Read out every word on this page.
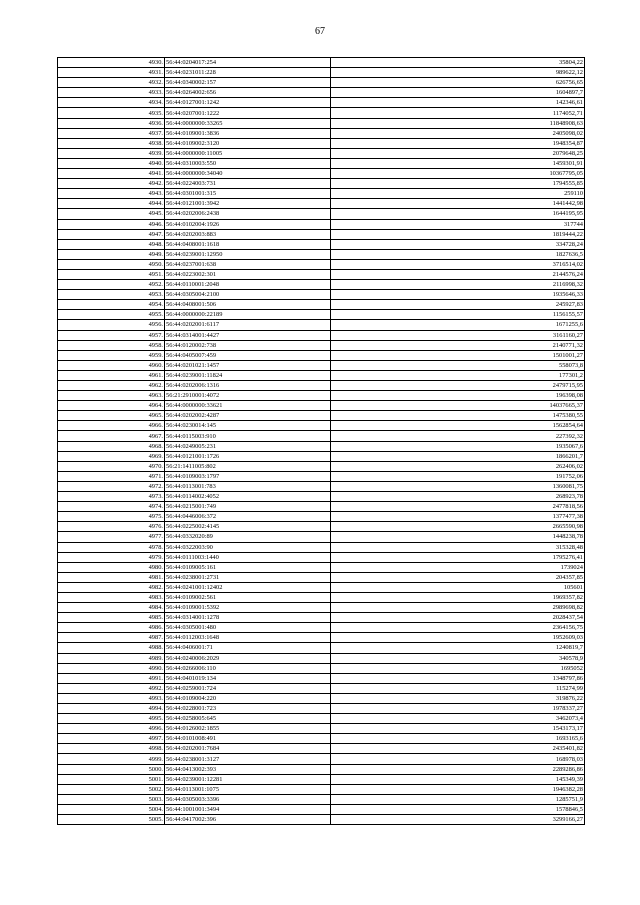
67
4930.	56:44:0204017:254	35804,22
4931.	56:44:0231011:228	989622,12
4932.	56:44:0340002:157	626756,65
4933.	56:44:0264002:656	1604897,7
4934.	56:44:0127001:1242	142346,61
4935.	56:44:0207001:1222	1174052,71
4936.	56:44:0000000:33265	11848908,63
4937.	56:44:0109001:3836	2405098,02
4938.	56:44:0109002:3120	1948354,87
4939.	56:44:0000000:11005	2079648,25
4940.	56:44:0310003:550	1459301,91
4941.	56:44:0000000:34040	10367795,05
4942.	56:44:0224003:731	1794555,85
4943.	56:44:0301001:315	259110
4944.	56:44:0121001:3942	1441442,98
4945.	56:44:0202006:2438	1644195,95
4946.	56:44:0102004:1926	317744
4947.	56:44:0202003:883	1819444,22
4948.	56:44:0408001:1618	334728,24
4949.	56:44:0239001:12950	1827636,5
4950.	56:44:0237001:638	3716514,02
4951.	56:44:0223002:301	2144576,24
4952.	56:44:0110001:2048	2116998,32
4953.	56:44:0305004:2100	1935646,33
4954.	56:44:0408001:506	245927,83
4955.	56:44:0000000:22189	1156155,57
4956.	56:44:0202001:6117	1671255,6
4957.	56:44:0314001:4427	3161160,27
4958.	56:44:0120002:738	2140771,32
4959.	56:44:0405007:459	1501001,27
4960.	56:44:0201021:1457	558073,8
4961.	56:44:0239001:11824	177301,2
4962.	56:44:0202006:1316	2479715,95
4963.	56:21:2910001:4072	196398,08
4964.	56:44:0000000:33621	14037665,37
4965.	56:44:0202002:4287	1475380,55
4966.	56:44:0230014:145	1562854,64
4967.	56:44:0115003:910	227392,32
4968.	56:44:0249005:231	1935067,6
4969.	56:44:0121001:1726	1866201,7
4970.	56:21:1411005:802	262406,02
4971.	56:44:0109003:1797	191752,06
4972.	56:44:0113001:783	1360081,75
4973.	56:44:0114002:4052	268923,78
4974.	56:44:0215001:749	2477818,56
4975.	56:44:0446006:372	1377477,38
4976.	56:44:0225002:4145	2665590,98
4977.	56:44:0332020:89	1448238,78
4978.	56:44:0322003:90	315328,48
4979.	56:44:0111003:1440	1795276,41
4980.	56:44:0109005:161	1739024
4981.	56:44:0238001:2731	204357,85
4982.	56:44:0241001:12402	105601
4983.	56:44:0109002:561	1969357,82
4984.	56:44:0109001:5392	2989698,82
4985.	56:44:0314001:1278	2028437,54
4986.	56:44:0305001:480	2364156,75
4987.	56:44:0112003:1648	1952609,03
4988.	56:44:0406001:71	1240819,7
4989.	56:44:0240006:2029	340578,9
4990.	56:44:0266006:110	1695052
4991.	56:44:0401019:134	1348797,86
4992.	56:44:0259001:724	115274,99
4993.	56:44:0109004:220	319876,22
4994.	56:44:0228001:723	1978337,27
4995.	56:44:0258005:645	3462073,4
4996.	56:44:0126002:1855	1543173,17
4997.	56:44:0101008:491	1693165,6
4998.	56:44:0202001:7684	2435401,82
4999.	56:44:0238001:3127	168978,03
5000.	56:44:0413002:393	2289286,86
5001.	56:44:0239001:12281	145349,39
5002.	56:44:0113001:1075	1946382,28
5003.	56:44:0305003:3396	1285751,9
5004.	56:44:1001001:3494	1578846,5
5005.	56:44:0417002:396	3299166,27
